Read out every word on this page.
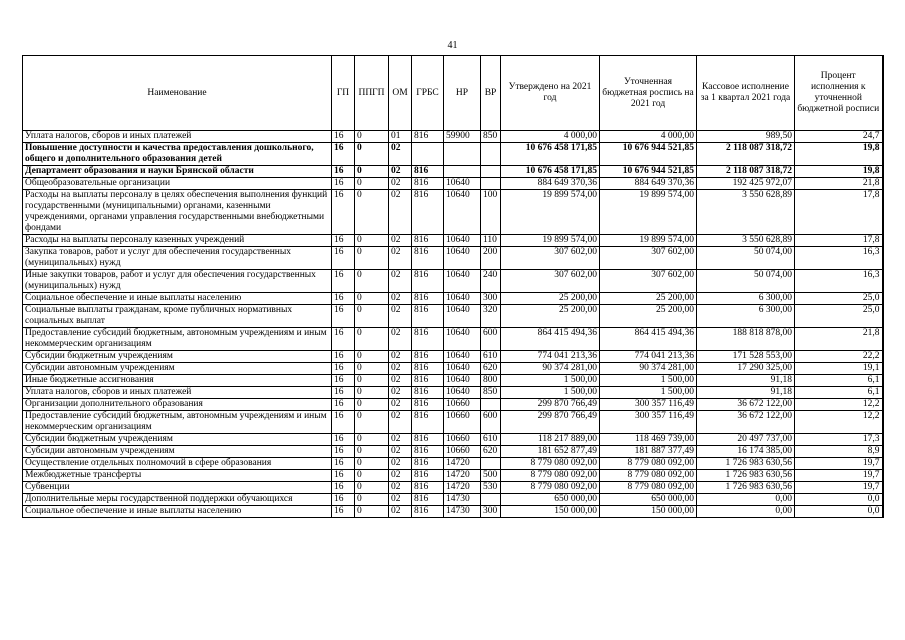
41
Наименование	ГП	ППГП	ОМ	ГРБС	НР	ВР	Утверждено на 2021 год	Уточненная бюджетная роспись на 2021 год	Кассовое исполнение за 1 квартал 2021 года	Процент исполнения к уточненной бюджетной росписи
Уплата налогов, сборов и иных платежей	16	0	01	816	59900	850	4 000,00	4 000,00	989,50	24,7
Повышение доступности и качества предоставления дошкольного, общего и дополнительного образования детей	16	0	02				10 676 458 171,85	10 676 944 521,85	2 118 087 318,72	19,8
Департамент образования и науки Брянской области	16	0	02	816			10 676 458 171,85	10 676 944 521,85	2 118 087 318,72	19,8
Общеобразовательные организации	16	0	02	816	10640		884 649 370,36	884 649 370,36	192 425 972,07	21,8
Расходы на выплаты персоналу в целях обеспечения выполнения функций государственными (муниципальными) органами, казенными учреждениями, органами управления государственными внебюджетными фондами	16	0	02	816	10640	100	19 899 574,00	19 899 574,00	3 550 628,89	17,8
Расходы на выплаты персоналу казенных учреждений	16	0	02	816	10640	110	19 899 574,00	19 899 574,00	3 550 628,89	17,8
Закупка товаров, работ и услуг для обеспечения государственных (муниципальных) нужд	16	0	02	816	10640	200	307 602,00	307 602,00	50 074,00	16,3
Иные закупки товаров, работ и услуг для обеспечения государственных (муниципальных) нужд	16	0	02	816	10640	240	307 602,00	307 602,00	50 074,00	16,3
Социальное обеспечение и иные выплаты населению	16	0	02	816	10640	300	25 200,00	25 200,00	6 300,00	25,0
Социальные выплаты гражданам, кроме публичных нормативных социальных выплат	16	0	02	816	10640	320	25 200,00	25 200,00	6 300,00	25,0
Предоставление субсидий бюджетным, автономным учреждениям и иным некоммерческим организациям	16	0	02	816	10640	600	864 415 494,36	864 415 494,36	188 818 878,00	21,8
Субсидии бюджетным учреждениям	16	0	02	816	10640	610	774 041 213,36	774 041 213,36	171 528 553,00	22,2
Субсидии автономным учреждениям	16	0	02	816	10640	620	90 374 281,00	90 374 281,00	17 290 325,00	19,1
Иные бюджетные ассигнования	16	0	02	816	10640	800	1 500,00	1 500,00	91,18	6,1
Уплата налогов, сборов и иных платежей	16	0	02	816	10640	850	1 500,00	1 500,00	91,18	6,1
Организации дополнительного образования	16	0	02	816	10660		299 870 766,49	300 357 116,49	36 672 122,00	12,2
Предоставление субсидий бюджетным, автономным учреждениям и иным некоммерческим организациям	16	0	02	816	10660	600	299 870 766,49	300 357 116,49	36 672 122,00	12,2
Субсидии бюджетным учреждениям	16	0	02	816	10660	610	118 217 889,00	118 469 739,00	20 497 737,00	17,3
Субсидии автономным учреждениям	16	0	02	816	10660	620	181 652 877,49	181 887 377,49	16 174 385,00	8,9
Осуществление отдельных полномочий в сфере образования	16	0	02	816	14720		8 779 080 092,00	8 779 080 092,00	1 726 983 630,56	19,7
Межбюджетные трансферты	16	0	02	816	14720	500	8 779 080 092,00	8 779 080 092,00	1 726 983 630,56	19,7
Субвенции	16	0	02	816	14720	530	8 779 080 092,00	8 779 080 092,00	1 726 983 630,56	19,7
Дополнительные меры государственной поддержки обучающихся	16	0	02	816	14730		650 000,00	650 000,00	0,00	0,0
Социальное обеспечение и иные выплаты населению	16	0	02	816	14730	300	150 000,00	150 000,00	0,00	0,0
